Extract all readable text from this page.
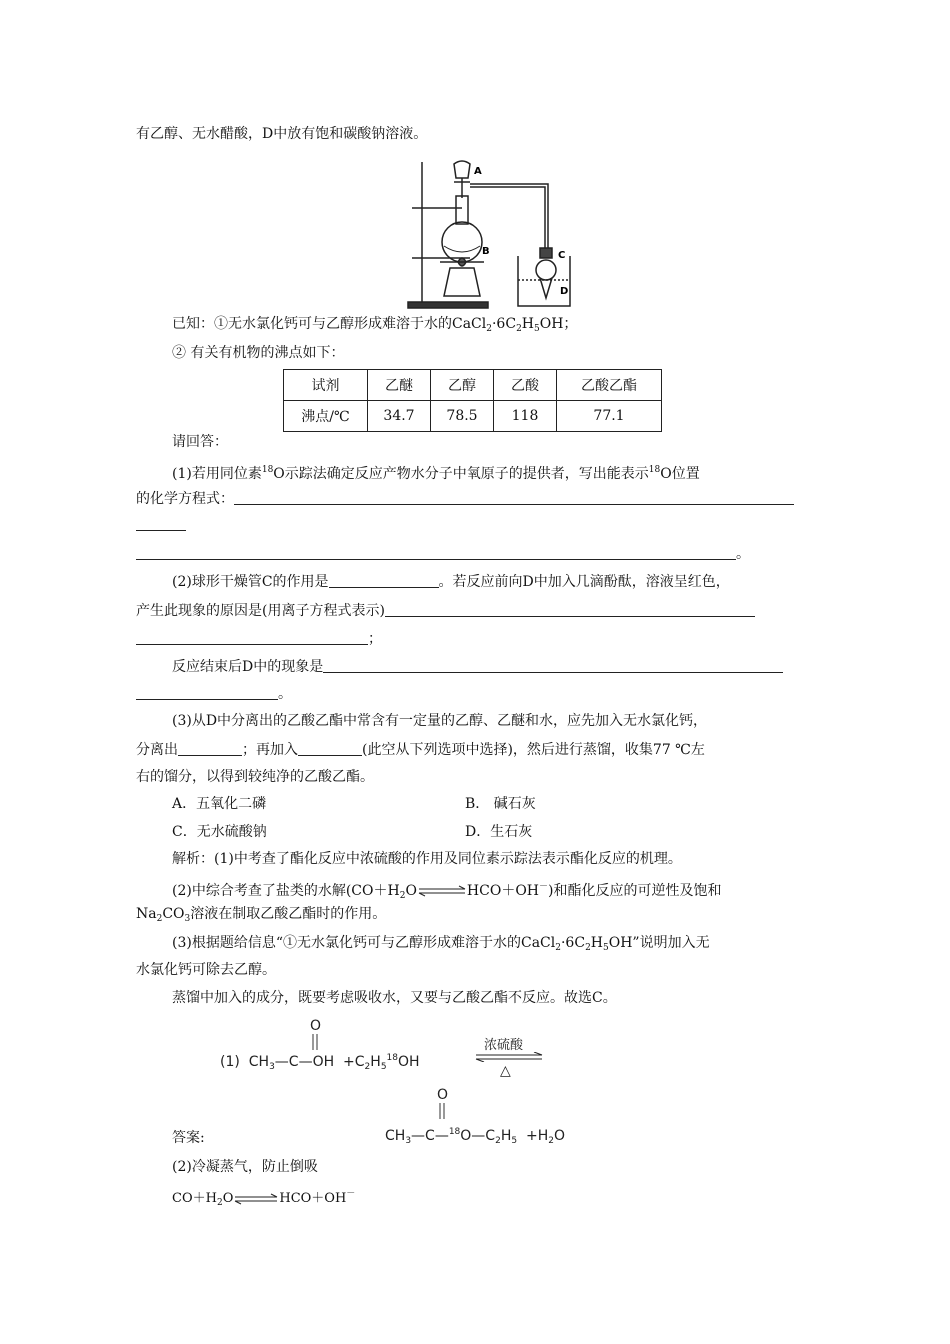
有乙醇、无水醋酸，D中放有饱和碳酸钠溶液。
A
B	C
D
已知：①无水氯化钙可与乙醇形成难溶于水的$CaCl_2\cdot 6C_2H_5OH$；
② 有关有机物的沸点如下：
试剂	乙醚	乙醇	乙酸	乙酸乙酯
沸点/℃	34.7	78.5	118	77.1
请回答：
(1)若用同位素$^{18}$O示踪法确定反应产物水分子中氧原子的提供者，写出能表示$^{18}$O位置
的化学方程式：
。
(2)球形干燥管C的作用是	。若反应前向D中加入几滴酚酞，溶液呈红色，
产生此现象的原因是(用离子方程式表示)
；
反应结束后D中的现象是
。
(3)从D中分离出的乙酸乙酯中常含有一定量的乙醇、乙醚和水，应先加入无水氯化钙，
分离出	；再加入	(此空从下列选项中选择)，然后进行蒸馏，收集77 ℃左
右的馏分，以得到较纯净的乙酸乙酯。
A．五氧化二磷	B． 碱石灰
C．无水硫酸钠	D．生石灰
解析：(1)中考查了酯化反应中浓硫酸的作用及同位素示踪法表示酯化反应的机理。
(2)中综合考查了盐类的水解$(CO+H_2O\rightleftharpoons HCO+OH^-)$和酯化反应的可逆性及饱和
$Na_2CO_3$溶液在制取乙酸乙酯时的作用。
(3)根据题给信息“①无水氯化钙可与乙醇形成难溶于水的$CaCl_2\cdot 6C_2H_5OH$”说明加入无
水氯化钙可除去乙醇。
蒸馏中加入的成分，既要考虑吸收水，又要与乙酸乙酯不反应。故选C。
O
(1) $CH_3—C—OH +C_2H_5^{18}OH$
浓硫酸
△
O
$CH_3—C—^{18}O—C_2H_5 +H_2O$
答案:
(2)冷凝蒸气，防止倒吸
$CO+H_2O\rightleftharpoons HCO+OH^-$
